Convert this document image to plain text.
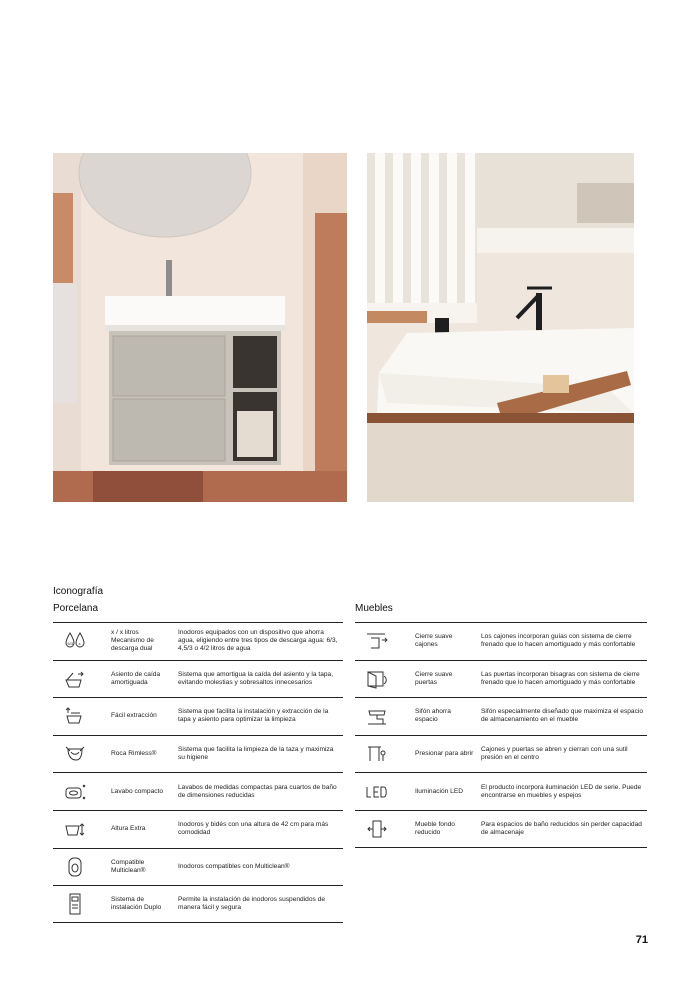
Iconografía
Porcelana	Muebles
6/3 x
x / x litros Mecanismo de descarga dual
Inodoros equipados con un dispositivo que ahorra agua, eligiendo entre tres tipos de descarga agua: 6/3, 4,5/3 o 4/2 litros de agua
Asiento de caída amortiguada
Sistema que amortigua la caída del asiento y la tapa, evitando molestias y sobresaltos innecesarios
Fácil extracción
Sistema que facilita la instalación y extracción de la tapa y asiento para optimizar la limpieza
Roca Rimless®
Sistema que facilita la limpieza de la taza y maximiza su higiene
Lavabo compacto
Lavabos de medidas compactas para cuartos de baño de dimensiones reducidas
Altura Extra
Inodoros y bidés con una altura de 42 cm para más comodidad
Compatible Multiclean®
Inodoros compatibles con Multiclean®
Sistema de instalación Duplo
Permite la instalación de inodoros suspendidos de manera fácil y segura
Cierre suave cajones
Los cajones incorporan guías con sistema de cierre frenado que lo hacen amortiguado y más confortable
Cierre suave puertas
Las puertas incorporan bisagras con sistema de cierre frenado que lo hacen amortiguado y más confortable
Sifón ahorra espacio
Sifón especialmente diseñado que maximiza el espacio de almacenamiento en el mueble
Presionar para abrir
Cajones y puertas se abren y cierran con una sutil presión en el centro
Iluminación LED
El producto incorpora iluminación LED de serie. Puede encontrarse en muebles y espejos
Mueble fondo reducido
Para espacios de baño reducidos sin perder capacidad de almacenaje
71
